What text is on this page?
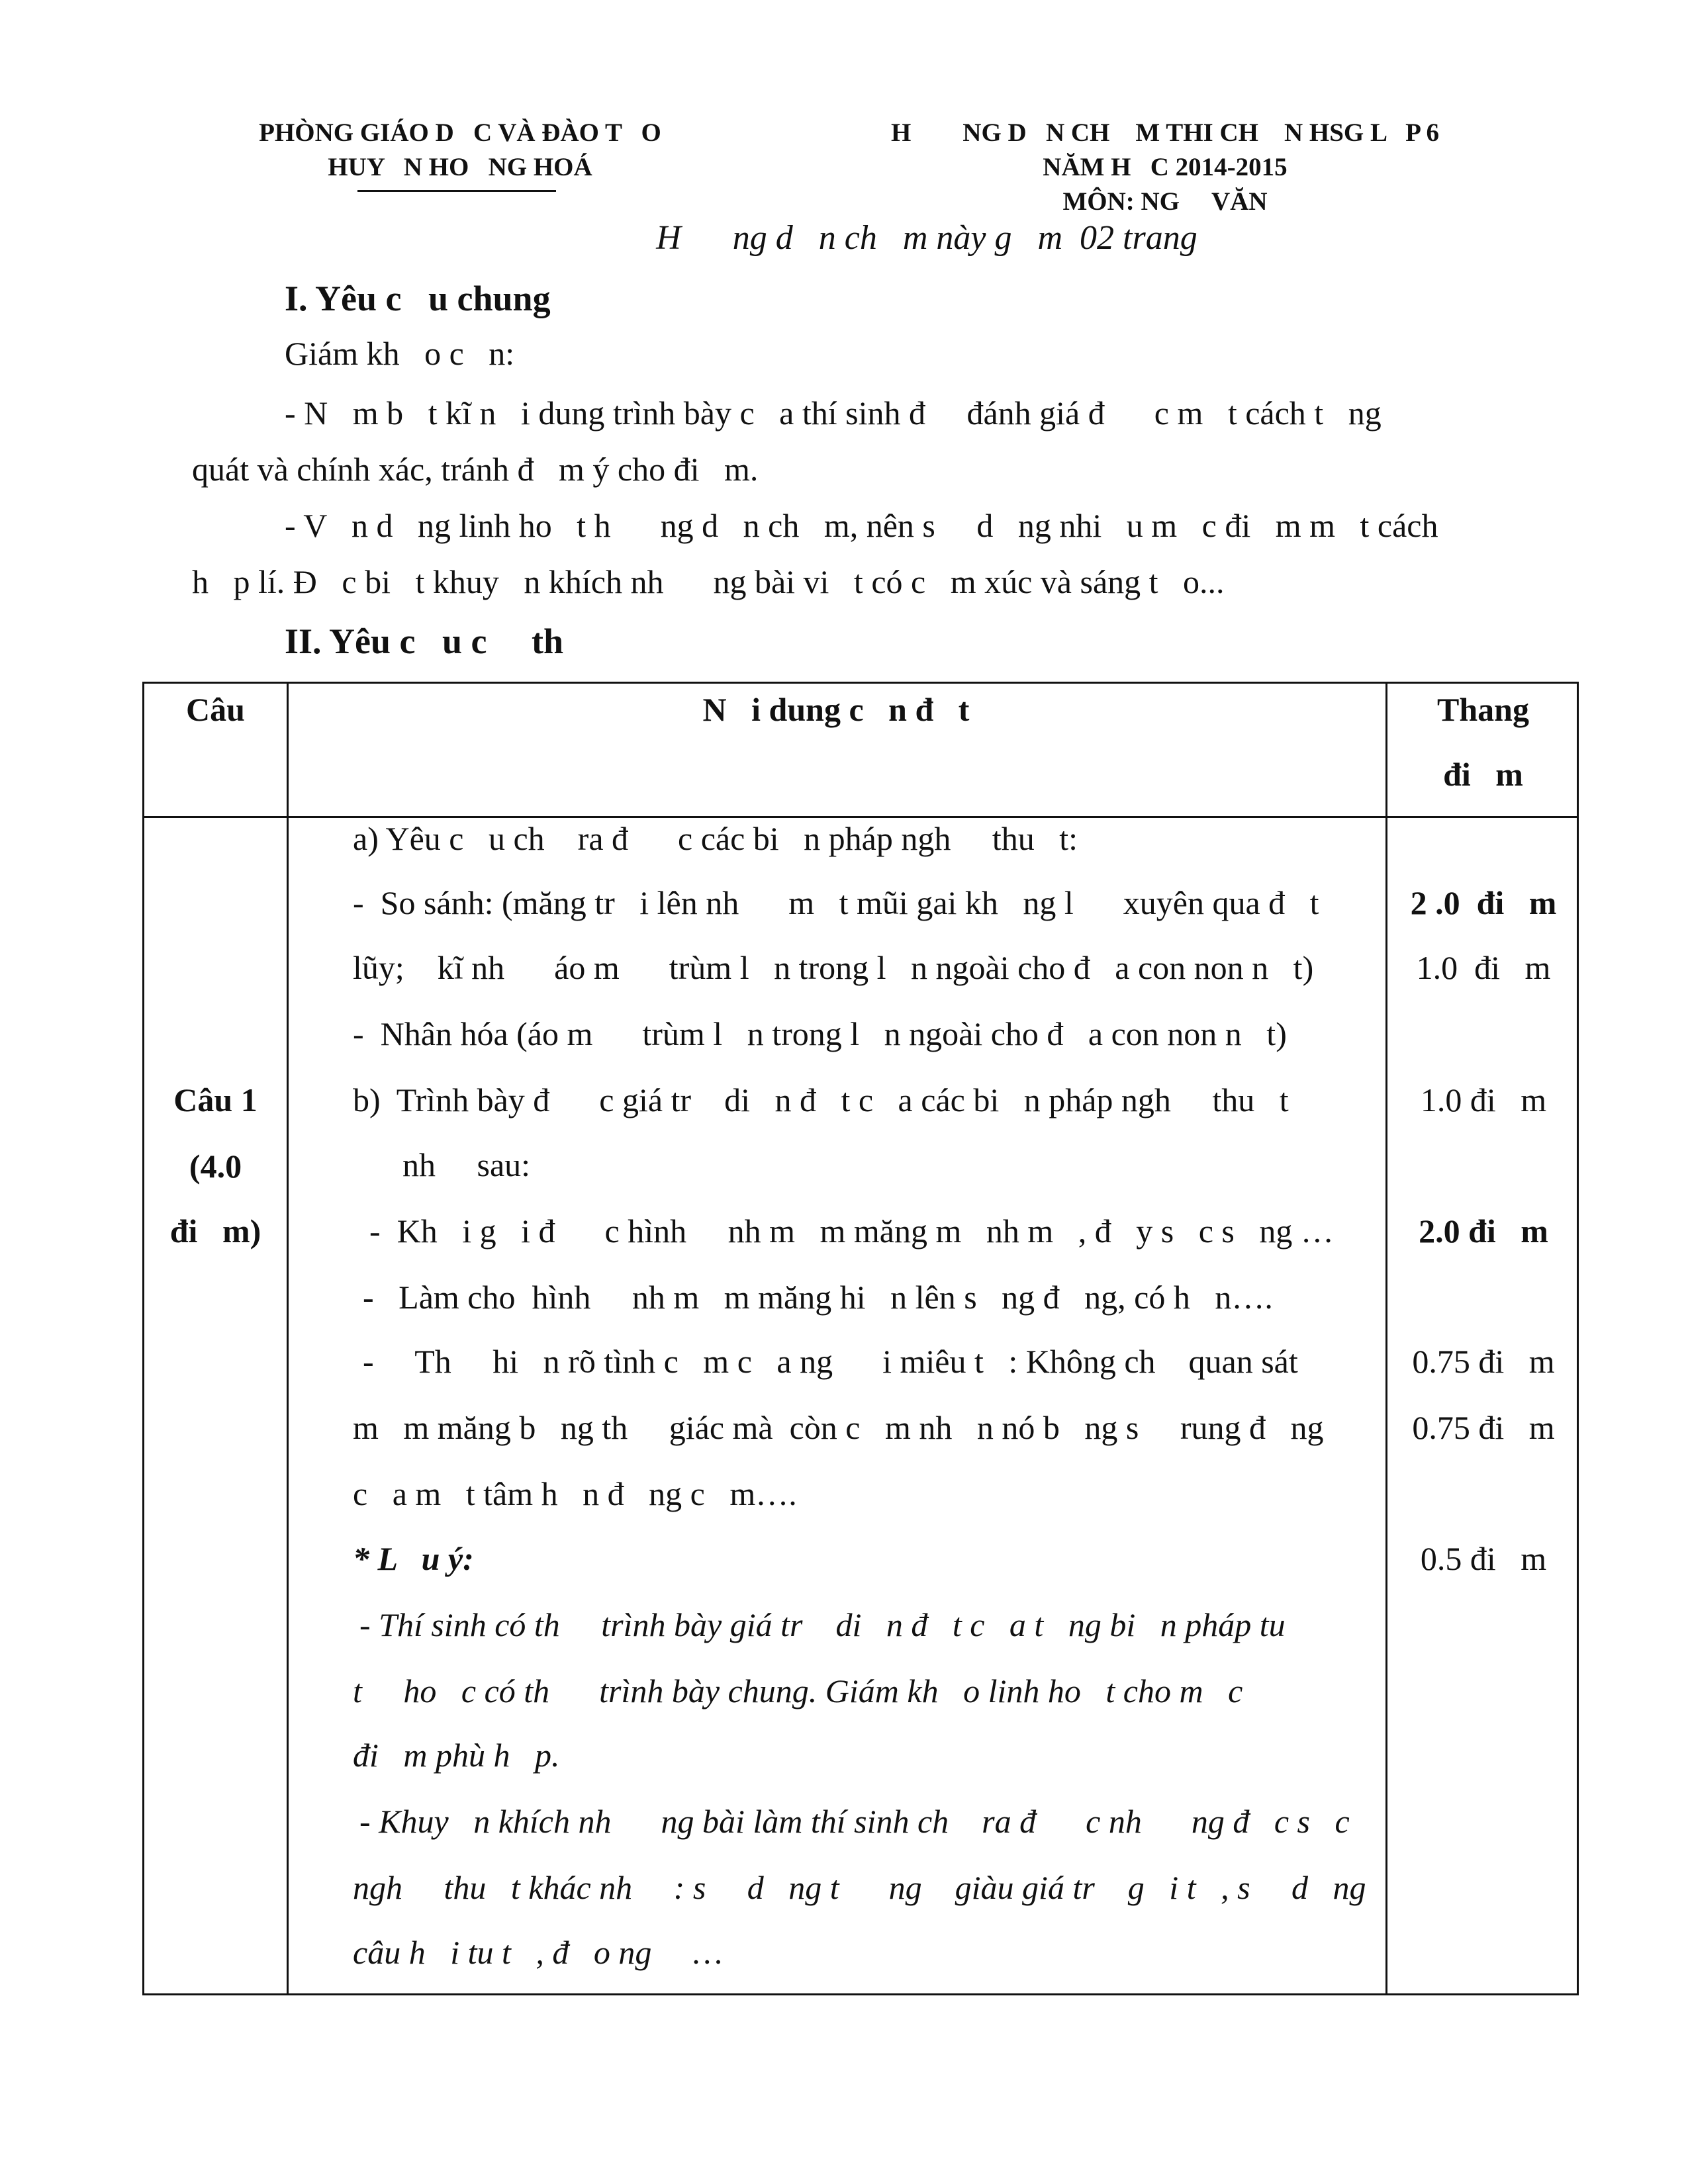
PHÒNG GIÁO D   C VÀ ĐÀO T   O
HUY   N HO   NG HOÁ
H        NG D   N CH    M THI CH    N HSG L   P 6
NĂM H   C 2014-2015
MÔN: NG     VĂN
H      ng d   n ch   m này g   m  02 trang
I. Yêu c   u chung
Giám kh   o c   n:
- N   m b   t kĩ n   i dung trình bày c   a thí sinh đ     đánh giá đ      c m   t cách t   ng
quát và chính xác, tránh đ   m ý cho đi   m.
- V   n d   ng linh ho   t h      ng d   n ch   m, nên s     d   ng nhi   u m   c đi   m m   t cách
h   p lí. Đ   c bi   t khuy   n khích nh      ng bài vi   t có c   m xúc và sáng t   o...
II. Yêu c   u c     th
Câu	N   i dung c   n đ   t	Thang
đi   m
Câu 1
(4.0
đi   m)
a) Yêu c   u ch    ra đ      c các bi   n pháp ngh     thu   t:
-  So sánh: (măng tr   i lên nh      m   t mũi gai kh   ng l      xuyên qua đ   t
lũy;    kĩ nh      áo m      trùm l   n trong l   n ngoài cho đ   a con non n   t)
-  Nhân hóa (áo m      trùm l   n trong l   n ngoài cho đ   a con non n   t)
b)  Trình bày đ      c giá tr    di   n đ   t c   a các bi   n pháp ngh     thu   t
nh     sau:
-  Kh   i g   i đ      c hình     nh m   m măng m   nh m   , đ   y s   c s   ng …
-   Làm cho  hình     nh m   m măng hi   n lên s   ng đ   ng, có h   n….
-     Th     hi   n rõ tình c   m c   a ng      i miêu t   : Không ch    quan sát
m   m măng b   ng th     giác mà  còn c   m nh   n nó b   ng s     rung đ   ng
c   a m   t tâm h   n đ   ng c   m….
* L   u ý:
- Thí sinh có th     trình bày giá tr    di   n đ   t c   a t   ng bi   n pháp tu
t     ho   c có th      trình bày chung. Giám kh   o linh ho   t cho m   c
đi   m phù h   p.
- Khuy   n khích nh      ng bài làm thí sinh ch    ra đ      c nh      ng đ   c s   c
ngh     thu   t khác nh     : s     d   ng t      ng    giàu giá tr    g   i t   , s     d   ng
câu h   i tu t   , đ   o ng     …
2 .0  đi   m
1.0  đi   m
1.0 đi   m
2.0 đi   m
0.75 đi   m
0.75 đi   m
0.5 đi   m
